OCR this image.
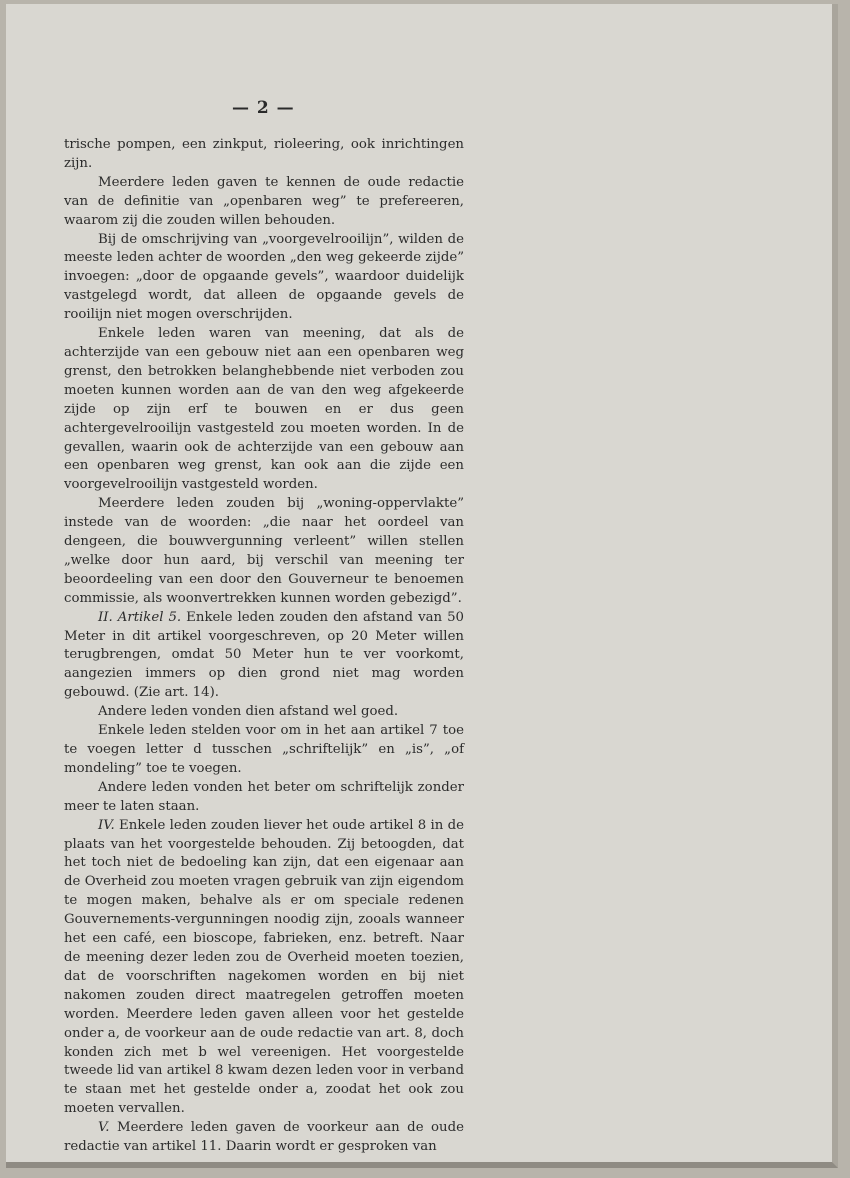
— 2 —

trische pompen, een zinkput, rioleering, ook inrichtingen zijn.

Meerdere leden gaven te kennen de oude redactie van de definitie van „openbaren weg” te prefereeren, waarom zij die zouden willen behouden.

Bij de omschrijving van „voorgevelrooilijn”, wilden de meeste leden achter de woorden „den weg gekeerde zijde” invoegen: „door de opgaande gevels”, waardoor duidelijk vastgelegd wordt, dat alleen de opgaande gevels de rooilijn niet mogen overschrijden.

Enkele leden waren van meening, dat als de achterzijde van een gebouw niet aan een openbaren weg grenst, den betrokken belanghebbende niet verboden zou moeten kunnen worden aan de van den weg afgekeerde zijde op zijn erf te bouwen en er dus geen achtergevelrooilijn vastgesteld zou moeten worden. In de gevallen, waarin ook de achterzijde van een gebouw aan een openbaren weg grenst, kan ook aan die zijde een voorgevelrooilijn vastgesteld worden.

Meerdere leden zouden bij „woning-oppervlakte” instede van de woorden: „die naar het oordeel van dengeen, die bouwvergunning verleent” willen stellen „welke door hun aard, bij verschil van meening ter beoordeeling van een door den Gouverneur te benoemen commissie, als woonvertrekken kunnen worden gebezigd”.

II. Artikel 5. Enkele leden zouden den afstand van 50 Meter in dit artikel voorgeschreven, op 20 Meter willen terugbrengen, omdat 50 Meter hun te ver voorkomt, aangezien immers op dien grond niet mag worden gebouwd. (Zie art. 14).

Andere leden vonden dien afstand wel goed.

Enkele leden stelden voor om in het aan artikel 7 toe te voegen letter d tusschen „schriftelijk” en „is”, „of mondeling” toe te voegen.

Andere leden vonden het beter om schriftelijk zonder meer te laten staan.

IV. Enkele leden zouden liever het oude artikel 8 in de plaats van het voorgestelde behouden. Zij betoogden, dat het toch niet de bedoeling kan zijn, dat een eigenaar aan de Overheid zou moeten vragen gebruik van zijn eigendom te mogen maken, behalve als er om speciale redenen Gouvernements-vergunningen noodig zijn, zooals wanneer het een café, een bioscope, fabrieken, enz. betreft. Naar de meening dezer leden zou de Overheid moeten toezien, dat de voorschriften nagekomen worden en bij niet nakomen zouden direct maatregelen getroffen moeten worden. Meerdere leden gaven alleen voor het gestelde onder a, de voorkeur aan de oude redactie van art. 8, doch konden zich met b wel vereenigen. Het voorgestelde tweede lid van artikel 8 kwam dezen leden voor in verband te staan met het gestelde onder a, zoodat het ook zou moeten vervallen.

V. Meerdere leden gaven de voorkeur aan de oude redactie van artikel 11. Daarin wordt er gesproken van
